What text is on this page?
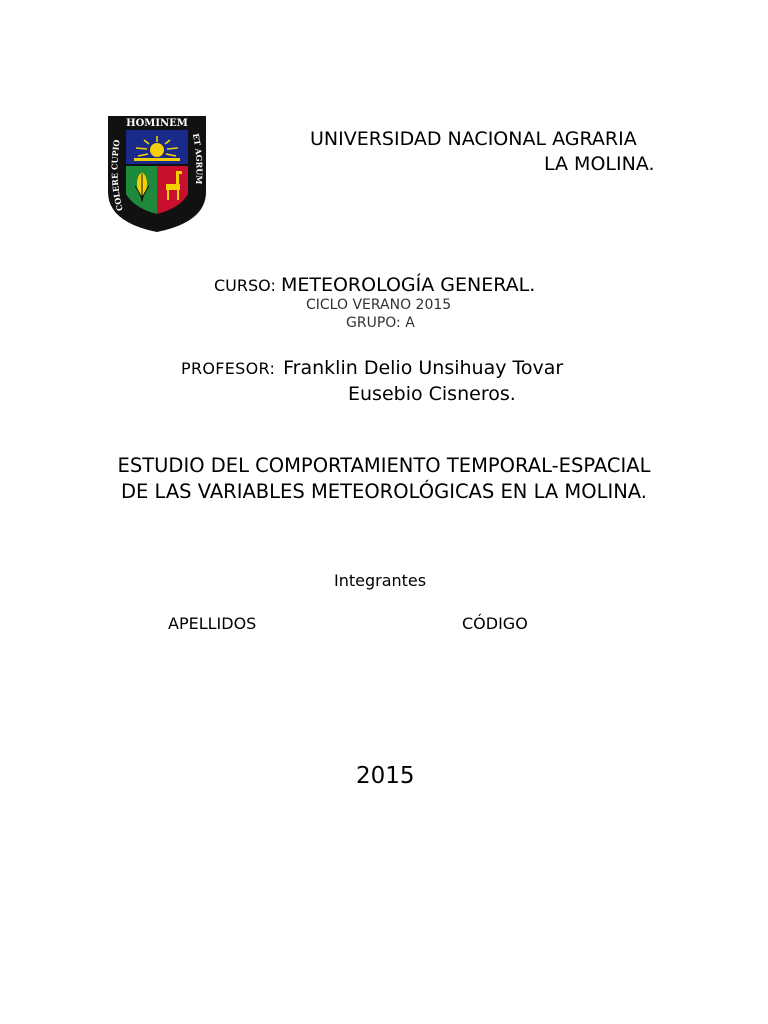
HOMINEM
COLERE CUPIO
ET AGRUM
UNIVERSIDAD NACIONAL AGRARIA
LA MOLINA.
CURSO: METEOROLOGÍA GENERAL.
CICLO VERANO 2015
GRUPO: A
PROFESOR: Franklin Delio Unsihuay Tovar
Eusebio Cisneros.
ESTUDIO DEL COMPORTAMIENTO TEMPORAL-ESPACIAL
DE LAS VARIABLES METEOROLÓGICAS EN LA MOLINA.
Integrantes
APELLIDOS	CÓDIGO
2015
